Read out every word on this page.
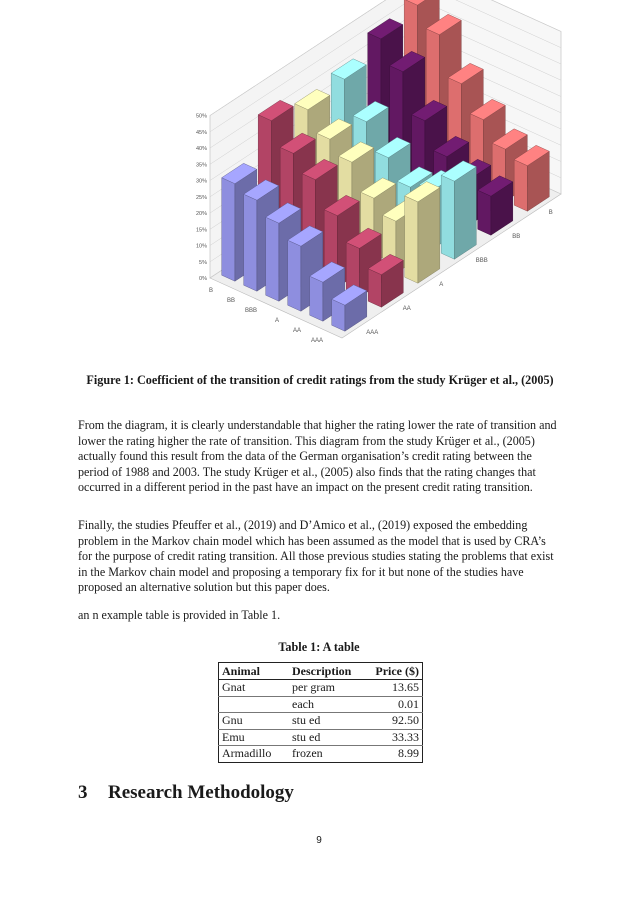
0%
5%
10%
15%
20%
25%
30%
35%
40%
45%
50%
B
BB
BBB
A
AA
AAA
AAA
AA
A
BBB
BB
B
Figure 1: Coefficient of the transition of credit ratings from the study Krüger et al., (2005)
From the diagram, it is clearly understandable that higher the rating lower the rate of transition and lower the rating higher the rate of transition. This diagram from the study Krüger et al., (2005) actually found this result from the data of the German organisation’s credit rating between the period of 1988 and 2003. The study Krüger et al., (2005) also finds that the rating changes that occurred in a different period in the past have an impact on the present credit rating transition.
Finally, the studies Pfeuffer et al., (2019) and D’Amico et al., (2019) exposed the embedding problem in the Markov chain model which has been assumed as the model that is used by CRA’s for the purpose of credit rating transition. All those previous studies stating the problems that exist in the Markov chain model and proposing a temporary fix for it but none of the studies have proposed an alternative solution but this paper does.
an n example table is provided in Table 1.
Table 1: A table
Animal	Description	Price ($)
Gnat	per gram	13.65
	each	0.01
Gnu	stu ed	92.50
Emu	stu ed	33.33
Armadillo	frozen	8.99
3 Research Methodology
9
